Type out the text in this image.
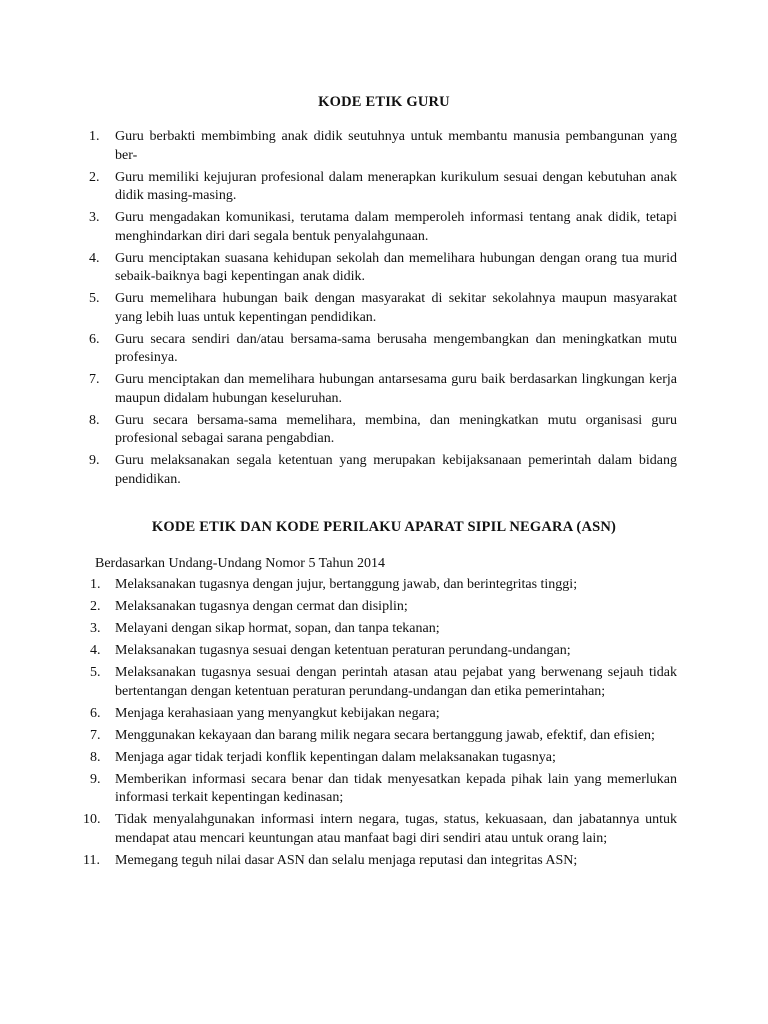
KODE ETIK GURU
1. Guru berbakti membimbing anak didik seutuhnya untuk membantu manusia pembangunan yang ber-
2. Guru memiliki kejujuran profesional dalam menerapkan kurikulum sesuai dengan kebutuhan anak didik masing-masing.
3. Guru mengadakan komunikasi, terutama dalam memperoleh informasi tentang anak didik, tetapi menghindarkan diri dari segala bentuk penyalahgunaan.
4. Guru menciptakan suasana kehidupan sekolah dan memelihara hubungan dengan orang tua murid sebaik-baiknya bagi kepentingan anak didik.
5. Guru memelihara hubungan baik dengan masyarakat di sekitar sekolahnya maupun masyarakat yang lebih luas untuk kepentingan pendidikan.
6. Guru secara sendiri dan/atau bersama-sama berusaha mengembangkan dan meningkatkan mutu profesinya.
7. Guru menciptakan dan memelihara hubungan antarsesama guru baik berdasarkan lingkungan kerja maupun didalam hubungan keseluruhan.
8. Guru secara bersama-sama memelihara, membina, dan meningkatkan mutu organisasi guru profesional sebagai sarana pengabdian.
9. Guru melaksanakan segala ketentuan yang merupakan kebijaksanaan pemerintah dalam bidang pendidikan.
KODE ETIK DAN KODE PERILAKU APARAT SIPIL NEGARA (ASN)
Berdasarkan Undang-Undang Nomor 5 Tahun 2014
1. Melaksanakan tugasnya dengan jujur, bertanggung jawab, dan berintegritas tinggi;
2. Melaksanakan tugasnya dengan cermat dan disiplin;
3. Melayani dengan sikap hormat, sopan, dan tanpa tekanan;
4. Melaksanakan tugasnya sesuai dengan ketentuan peraturan perundang-undangan;
5. Melaksanakan tugasnya sesuai dengan perintah atasan atau pejabat yang berwenang sejauh tidak bertentangan dengan ketentuan peraturan perundang-undangan dan etika pemerintahan;
6. Menjaga kerahasiaan yang menyangkut kebijakan negara;
7. Menggunakan kekayaan dan barang milik negara secara bertanggung jawab, efektif, dan efisien;
8. Menjaga agar tidak terjadi konflik kepentingan dalam melaksanakan tugasnya;
9. Memberikan informasi secara benar dan tidak menyesatkan kepada pihak lain yang memerlukan informasi terkait kepentingan kedinasan;
10. Tidak menyalahgunakan informasi intern negara, tugas, status, kekuasaan, dan jabatannya untuk mendapat atau mencari keuntungan atau manfaat bagi diri sendiri atau untuk orang lain;
11. Memegang teguh nilai dasar ASN dan selalu menjaga reputasi dan integritas ASN;
